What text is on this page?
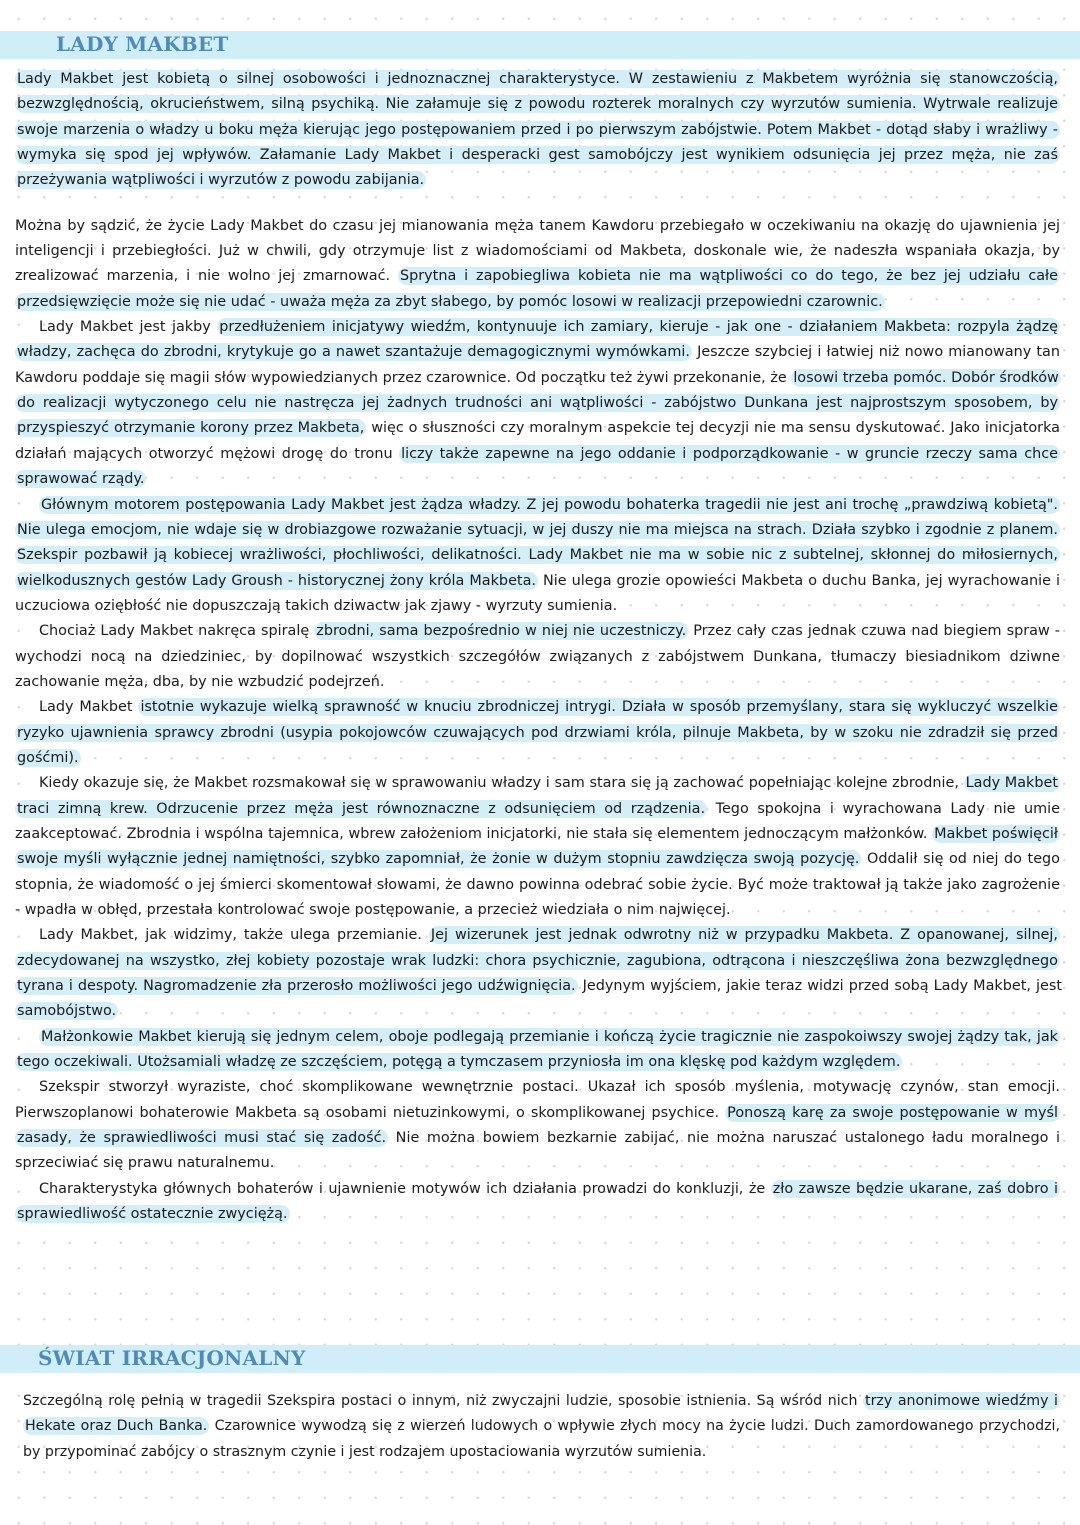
LADY MAKBET

Lady Makbet jest kobietą o silnej osobowości i jednoznacznej charakterystyce. W zestawieniu z Makbetem wyróżnia się stanowczością, bezwzględnością, okrucieństwem, silną psychiką. Nie załamuje się z powodu rozterek moralnych czy wyrzutów sumienia. Wytrwale realizuje swoje marzenia o władzy u boku męża kierując jego postępowaniem przed i po pierwszym zabójstwie. Potem Makbet - dotąd słaby i wrażliwy - wymyka się spod jej wpływów. Załamanie Lady Makbet i desperacki gest samobójczy jest wynikiem odsunięcia jej przez męża, nie zaś przeżywania wątpliwości i wyrzutów z powodu zabijania.

Można by sądzić, że życie Lady Makbet do czasu jej mianowania męża tanem Kawdoru przebiegało w oczekiwaniu na okazję do ujawnienia jej inteligencji i przebiegłości. Już w chwili, gdy otrzymuje list z wiadomościami od Makbeta, doskonale wie, że nadeszła wspaniała okazja, by zrealizować marzenia, i nie wolno jej zmarnować. Sprytna i zapobiegliwa kobieta nie ma wątpliwości co do tego, że bez jej udziału całe przedsięwzięcie może się nie udać - uważa męża za zbyt słabego, by pomóc losowi w realizacji przepowiedni czarownic.

Lady Makbet jest jakby przedłużeniem inicjatywy wiedźm, kontynuuje ich zamiary, kieruje - jak one - działaniem Makbeta: rozpyla żądzę władzy, zachęca do zbrodni, krytykuje go a nawet szantażuje demagogicznymi wymówkami. Jeszcze szybciej i łatwiej niż nowo mianowany tan Kawdoru poddaje się magii słów wypowiedzianych przez czarownice. Od początku też żywi przekonanie, że losowi trzeba pomóc. Dobór środków do realizacji wytyczonego celu nie nastręcza jej żadnych trudności ani wątpliwości - zabójstwo Dunkana jest najprostszym sposobem, by przyspieszyć otrzymanie korony przez Makbeta, więc o słuszności czy moralnym aspekcie tej decyzji nie ma sensu dyskutować. Jako inicjatorka działań mających otworzyć mężowi drogę do tronu liczy także zapewne na jego oddanie i podporządkowanie - w gruncie rzeczy sama chce sprawować rządy.

Głównym motorem postępowania Lady Makbet jest żądza władzy. Z jej powodu bohaterka tragedii nie jest ani trochę „prawdziwą kobietą". Nie ulega emocjom, nie wdaje się w drobiazgowe rozważanie sytuacji, w jej duszy nie ma miejsca na strach. Działa szybko i zgodnie z planem. Szekspir pozbawił ją kobiecej wrażliwości, płochliwości, delikatności. Lady Makbet nie ma w sobie nic z subtelnej, skłonnej do miłosiernych, wielkodusznych gestów Lady Groush - historycznej żony króla Makbeta. Nie ulega grozie opowieści Makbeta o duchu Banka, jej wyrachowanie i uczuciowa oziębłość nie dopuszczają takich dziwactw jak zjawy - wyrzuty sumienia.

Chociaż Lady Makbet nakręca spiralę zbrodni, sama bezpośrednio w niej nie uczestniczy. Przez cały czas jednak czuwa nad biegiem spraw - wychodzi nocą na dziedziniec, by dopilnować wszystkich szczegółów związanych z zabójstwem Dunkana, tłumaczy biesiadnikom dziwne zachowanie męża, dba, by nie wzbudzić podejrzeń.

Lady Makbet istotnie wykazuje wielką sprawność w knuciu zbrodniczej intrygi. Działa w sposób przemyślany, stara się wykluczyć wszelkie ryzyko ujawnienia sprawcy zbrodni (usypia pokojowców czuwających pod drzwiami króla, pilnuje Makbeta, by w szoku nie zdradził się przed gośćmi).

Kiedy okazuje się, że Makbet rozsmakował się w sprawowaniu władzy i sam stara się ją zachować popełniając kolejne zbrodnie, Lady Makbet traci zimną krew. Odrzucenie przez męża jest równoznaczne z odsunięciem od rządzenia. Tego spokojna i wyrachowana Lady nie umie zaakceptować. Zbrodnia i wspólna tajemnica, wbrew założeniom inicjatorki, nie stała się elementem jednoczącym małżonków. Makbet poświęcił swoje myśli wyłącznie jednej namiętności, szybko zapomniał, że żonie w dużym stopniu zawdzięcza swoją pozycję. Oddalił się od niej do tego stopnia, że wiadomość o jej śmierci skomentował słowami, że dawno powinna odebrać sobie życie. Być może traktował ją także jako zagrożenie - wpadła w obłęd, przestała kontrolować swoje postępowanie, a przecież wiedziała o nim najwięcej.

Lady Makbet, jak widzimy, także ulega przemianie. Jej wizerunek jest jednak odwrotny niż w przypadku Makbeta. Z opanowanej, silnej, zdecydowanej na wszystko, złej kobiety pozostaje wrak ludzki: chora psychicznie, zagubiona, odtrącona i nieszczęśliwa żona bezwzględnego tyrana i despoty. Nagromadzenie zła przerosło możliwości jego udźwignięcia. Jedynym wyjściem, jakie teraz widzi przed sobą Lady Makbet, jest samobójstwo.

Małżonkowie Makbet kierują się jednym celem, oboje podlegają przemianie i kończą życie tragicznie nie zaspokoiwszy swojej żądzy tak, jak tego oczekiwali. Utożsamiali władzę ze szczęściem, potęgą a tymczasem przyniosła im ona klęskę pod każdym względem.

Szekspir stworzył wyraziste, choć skomplikowane wewnętrznie postaci. Ukazał ich sposób myślenia, motywację czynów, stan emocji. Pierwszoplanowi bohaterowie Makbeta są osobami nietuzinkowymi, o skomplikowanej psychice. Ponoszą karę za swoje postępowanie w myśl zasady, że sprawiedliwości musi stać się zadość. Nie można bowiem bezkarnie zabijać, nie można naruszać ustalonego ładu moralnego i sprzeciwiać się prawu naturalnemu.

Charakterystyka głównych bohaterów i ujawnienie motywów ich działania prowadzi do konkluzji, że zło zawsze będzie ukarane, zaś dobro i sprawiedliwość ostatecznie zwyciężą.

ŚWIAT IRRACJONALNY

Szczególną rolę pełnią w tragedii Szekspira postaci o innym, niż zwyczajni ludzie, sposobie istnienia. Są wśród nich trzy anonimowe wiedźmy i Hekate oraz Duch Banka. Czarownice wywodzą się z wierzeń ludowych o wpływie złych mocy na życie ludzi. Duch zamordowanego przychodzi, by przypominać zabójcy o strasznym czynie i jest rodzajem upostaciowania wyrzutów sumienia.
